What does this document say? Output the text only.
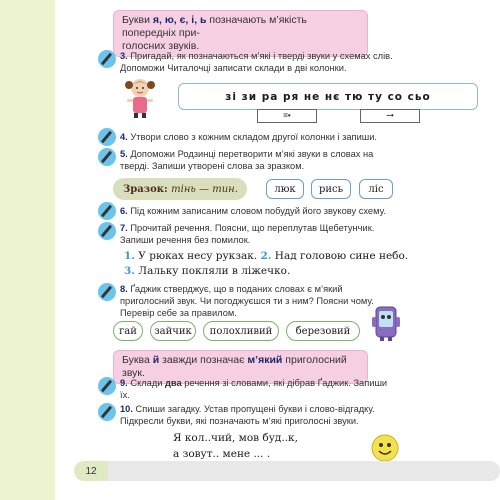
Букви я, ю, є, і, ь позначають м’якість попередніх при-
голосних звуків.
3. Пригадай, як позначаються м’які і тверді звуки у схемах слів.
Допоможи Читалочці записати склади в дві колонки.
зі зи ра ря не нє тю ту со сьо
=•	−•
4. Утвори слово з кожним складом другої колонки і запиши.
5. Допоможи Родзинці перетворити м’які звуки в словах на
тверді. Запиши утворені слова за зразком.
Зразок:
тінь — тин.	люк рись	ліс
6. Під кожним записаним словом побудуй його звукову схему.
7. Прочитай речення. Поясни, що переплутав Щебетунчик.
Запиши речення без помилок.
1. У рюках несу рукзак. 2. Над головою сине небо.
3. Лальку покляли в ліжечко.
8. Ґаджик стверджує, що в поданих словах є м’який
приголосний звук. Чи погоджуєшся ти з ним? Поясни чому.
Перевір себе за правилом.
гай зайчик полохливий березовий
Буква й завжди позначає м’який приголосний звук.
9. Склади два речення зі словами, які дібрав Ґаджик. Запиши
їх.
10. Спиши загадку. Устав пропущені букви і слово-відгадку.
Підкресли букви, які позначають м’які приголосні звуки.
Я кол..чий, мов буд..к,
а зовут.. мене ... .
12
